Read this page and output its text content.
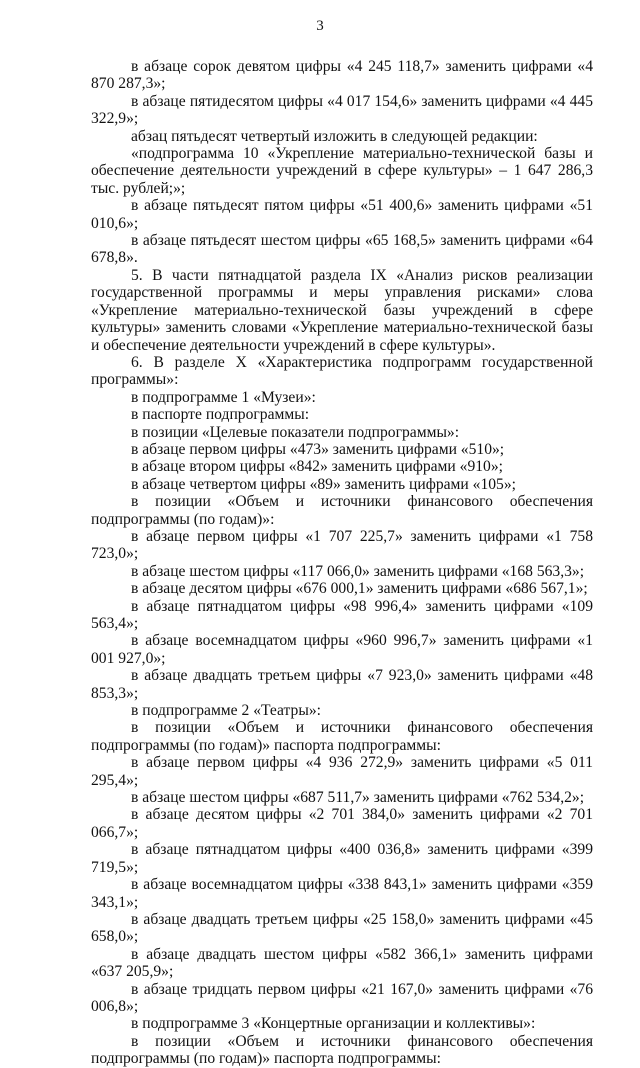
3

в абзаце сорок девятом цифры «4 245 118,7» заменить цифрами «4 870 287,3»;

в абзаце пятидесятом цифры «4 017 154,6» заменить цифрами «4 445 322,9»;

абзац пятьдесят четвертый изложить в следующей редакции:

«подпрограмма 10 «Укрепление материально-технической базы и обеспечение деятельности учреждений в сфере культуры» – 1 647 286,3 тыс. рублей;»;

в абзаце пятьдесят пятом цифры «51 400,6» заменить цифрами «51 010,6»;

в абзаце пятьдесят шестом цифры «65 168,5» заменить цифрами «64 678,8».

5. В части пятнадцатой раздела IX «Анализ рисков реализации государственной программы и меры управления рисками» слова «Укрепление материально-технической базы учреждений в сфере культуры» заменить словами «Укрепление материально-технической базы и обеспечение деятельности учреждений в сфере культуры».

6. В разделе X «Характеристика подпрограмм государственной программы»:

в подпрограмме 1 «Музеи»:

в паспорте подпрограммы:

в позиции «Целевые показатели подпрограммы»:

в абзаце первом цифры «473» заменить цифрами «510»;

в абзаце втором цифры «842» заменить цифрами «910»;

в абзаце четвертом цифры «89» заменить цифрами «105»;

в позиции «Объем и источники финансового обеспечения подпрограммы (по годам)»:

в абзаце первом цифры «1 707 225,7» заменить цифрами «1 758 723,0»;

в абзаце шестом цифры «117 066,0» заменить цифрами «168 563,3»;

в абзаце десятом цифры «676 000,1» заменить цифрами «686 567,1»;

в абзаце пятнадцатом цифры «98 996,4» заменить цифрами «109 563,4»;

в абзаце восемнадцатом цифры «960 996,7» заменить цифрами «1 001 927,0»;

в абзаце двадцать третьем цифры «7 923,0» заменить цифрами «48 853,3»;

в подпрограмме 2 «Театры»:

в позиции «Объем и источники финансового обеспечения подпрограммы (по годам)» паспорта подпрограммы:

в абзаце первом цифры «4 936 272,9» заменить цифрами «5 011 295,4»;

в абзаце шестом цифры «687 511,7» заменить цифрами «762 534,2»;

в абзаце десятом цифры «2 701 384,0» заменить цифрами «2 701 066,7»;

в абзаце пятнадцатом цифры «400 036,8» заменить цифрами «399 719,5»;

в абзаце восемнадцатом цифры «338 843,1» заменить цифрами «359 343,1»;

в абзаце двадцать третьем цифры «25 158,0» заменить цифрами «45 658,0»;

в абзаце двадцать шестом цифры «582 366,1» заменить цифрами «637 205,9»;

в абзаце тридцать первом цифры «21 167,0» заменить цифрами «76 006,8»;

в подпрограмме 3 «Концертные организации и коллективы»:

в позиции «Объем и источники финансового обеспечения подпрограммы (по годам)» паспорта подпрограммы:
